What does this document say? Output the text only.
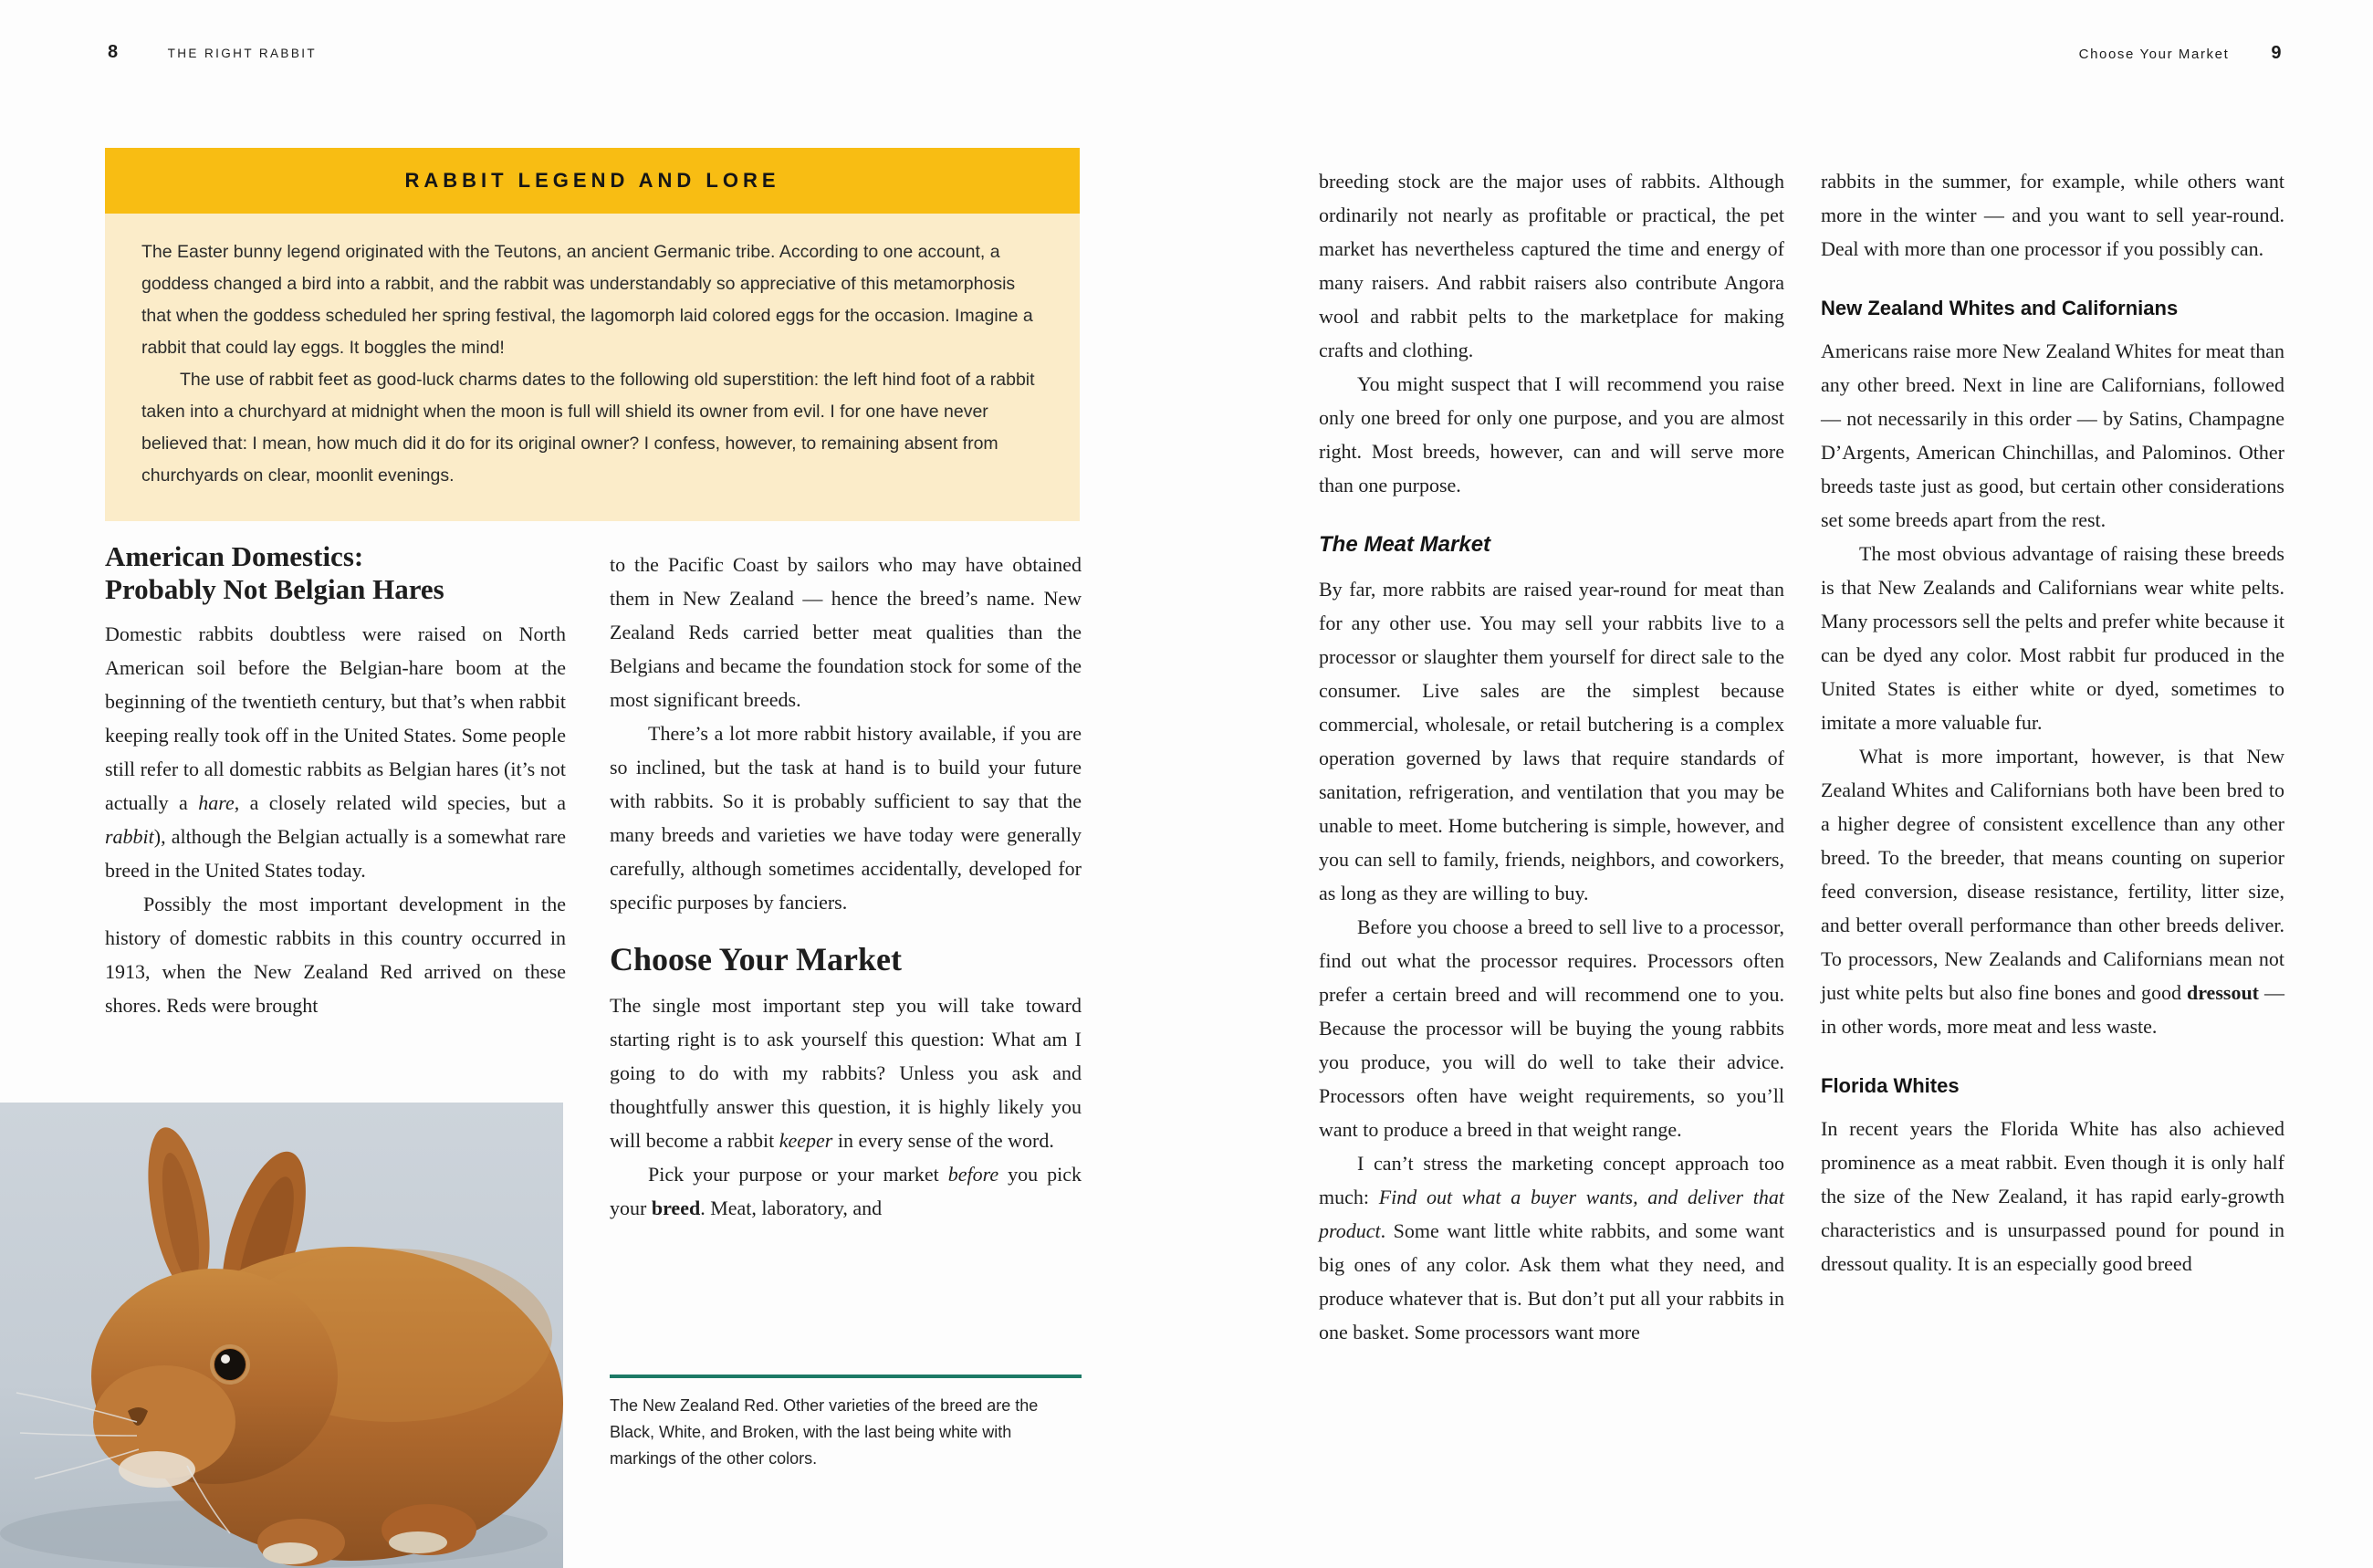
8	THE RIGHT RABBIT	Choose Your Market 9
RABBIT LEGEND AND LORE

The Easter bunny legend originated with the Teutons, an ancient Germanic tribe. According to one account, a goddess changed a bird into a rabbit, and the rabbit was understandably so appreciative of this metamorphosis that when the goddess scheduled her spring festival, the lagomorph laid colored eggs for the occasion. Imagine a rabbit that could lay eggs. It boggles the mind!

The use of rabbit feet as good-luck charms dates to the following old superstition: the left hind foot of a rabbit taken into a churchyard at midnight when the moon is full will shield its owner from evil. I for one have never believed that: I mean, how much did it do for its original owner? I confess, however, to remaining absent from churchyards on clear, moonlit evenings.

American Domestics:
Probably Not Belgian Hares

Domestic rabbits doubtless were raised on North American soil before the Belgian-hare boom at the beginning of the twentieth century, but that’s when rabbit keeping really took off in the United States. Some people still refer to all domestic rabbits as Belgian hares (it’s not actually a hare, a closely related wild species, but a rabbit), although the Belgian actually is a somewhat rare breed in the United States today.

Possibly the most important development in the history of domestic rabbits in this country occurred in 1913, when the New Zealand Red arrived on these shores. Reds were brought

to the Pacific Coast by sailors who may have obtained them in New Zealand — hence the breed’s name. New Zealand Reds carried better meat qualities than the Belgians and became the foundation stock for some of the most significant breeds.

There’s a lot more rabbit history available, if you are so inclined, but the task at hand is to build your future with rabbits. So it is probably sufficient to say that the many breeds and varieties we have today were generally carefully, although sometimes accidentally, developed for specific purposes by fanciers.

Choose Your Market

The single most important step you will take toward starting right is to ask yourself this question: What am I going to do with my rabbits? Unless you ask and thoughtfully answer this question, it is highly likely you will become a rabbit keeper in every sense of the word.

Pick your purpose or your market before you pick your breed. Meat, laboratory, and

The New Zealand Red. Other varieties of the breed are the Black, White, and Broken, with the last being white with markings of the other colors.

breeding stock are the major uses of rabbits. Although ordinarily not nearly as profitable or practical, the pet market has nevertheless captured the time and energy of many raisers. And rabbit raisers also contribute Angora wool and rabbit pelts to the marketplace for making crafts and clothing.

You might suspect that I will recommend you raise only one breed for only one purpose, and you are almost right. Most breeds, however, can and will serve more than one purpose.

The Meat Market

By far, more rabbits are raised year-round for meat than for any other use. You may sell your rabbits live to a processor or slaughter them yourself for direct sale to the consumer. Live sales are the simplest because commercial, wholesale, or retail butchering is a complex operation governed by laws that require standards of sanitation, refrigeration, and ventilation that you may be unable to meet. Home butchering is simple, however, and you can sell to family, friends, neighbors, and coworkers, as long as they are willing to buy.

Before you choose a breed to sell live to a processor, find out what the processor requires. Processors often prefer a certain breed and will recommend one to you. Because the processor will be buying the young rabbits you produce, you will do well to take their advice. Processors often have weight requirements, so you’ll want to produce a breed in that weight range.

I can’t stress the marketing concept approach too much: Find out what a buyer wants, and deliver that product. Some want little white rabbits, and some want big ones of any color. Ask them what they need, and produce whatever that is. But don’t put all your rabbits in one basket. Some processors want more

rabbits in the summer, for example, while others want more in the winter — and you want to sell year-round. Deal with more than one processor if you possibly can.

New Zealand Whites and Californians

Americans raise more New Zealand Whites for meat than any other breed. Next in line are Californians, followed — not necessarily in this order — by Satins, Champagne D’Argents, American Chinchillas, and Palominos. Other breeds taste just as good, but certain other considerations set some breeds apart from the rest.

The most obvious advantage of raising these breeds is that New Zealands and Californians wear white pelts. Many processors sell the pelts and prefer white because it can be dyed any color. Most rabbit fur produced in the United States is either white or dyed, sometimes to imitate a more valuable fur.

What is more important, however, is that New Zealand Whites and Californians both have been bred to a higher degree of consistent excellence than any other breed. To the breeder, that means counting on superior feed conversion, disease resistance, fertility, litter size, and better overall performance than other breeds deliver. To processors, New Zealands and Californians mean not just white pelts but also fine bones and good dressout — in other words, more meat and less waste.

Florida Whites

In recent years the Florida White has also achieved prominence as a meat rabbit. Even though it is only half the size of the New Zealand, it has rapid early-growth characteristics and is unsurpassed pound for pound in dressout quality. It is an especially good breed
